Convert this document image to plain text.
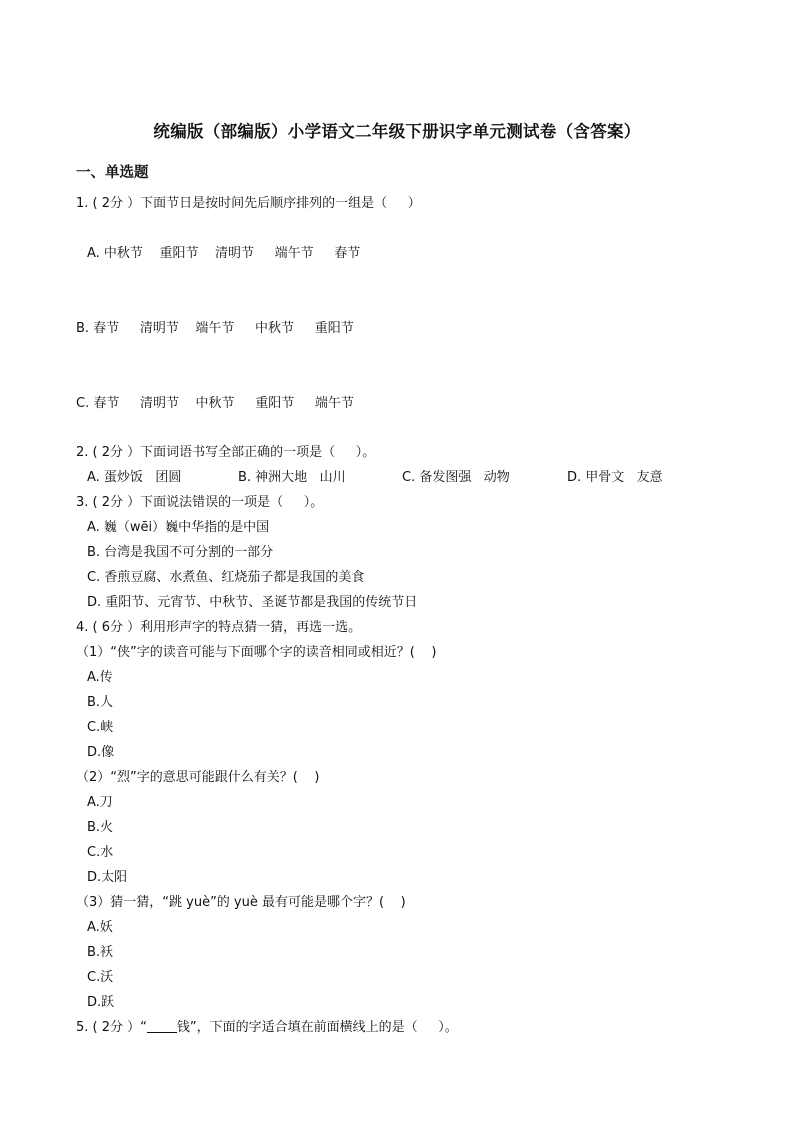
统编版（部编版）小学语文二年级下册识字单元测试卷（含答案）
一、单选题
1. ( 2分 ）下面节日是按时间先后顺序排列的一组是（     ）
A. 中秋节    重阳节    清明节     端午节     春节
B. 春节     清明节    端午节     中秋节     重阳节
C. 春节     清明节    中秋节     重阳节     端午节
2. ( 2分 ）下面词语书写全部正确的一项是（     ）。
A. 蛋炒饭   团圆	B. 神洲大地   山川	C. 备发图强   动物	D. 甲骨文   友意
3. ( 2分 ）下面说法错误的一项是（     ）。
A. 巍（wēi）巍中华指的是中国
B. 台湾是我国不可分割的一部分
C. 香煎豆腐、水煮鱼、红烧茄子都是我国的美食
D. 重阳节、元宵节、中秋节、圣诞节都是我国的传统节日
4. ( 6分 ）利用形声字的特点猜一猜，再选一选。
（1）“侠”字的读音可能与下面哪个字的读音相同或相近？(    )
A.传
B.人
C.峡
D.像
（2）“烈”字的意思可能跟什么有关？(    )
A.刀
B.火
C.水
D.太阳
（3）猜一猜，“跳 yuè”的 yuè 最有可能是哪个字？(    )
A.妖
B.袄
C.沃
D.跃
5. ( 2分 ）“ 钱”，下面的字适合填在前面横线上的是（     ）。
